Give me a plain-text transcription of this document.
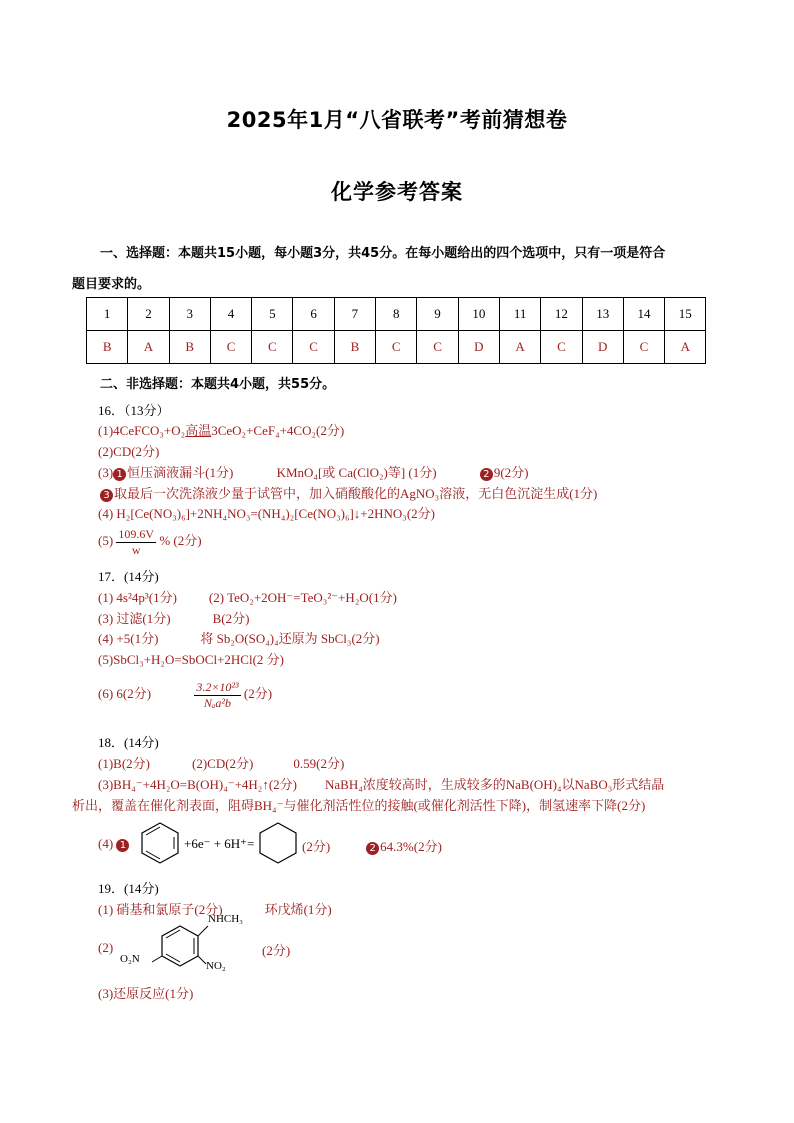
2025年1月“八省联考”考前猜想卷
化学参考答案
一、选择题：本题共15小题，每小题3分，共45分。在每小题给出的四个选项中，只有一项是符合
题目要求的。
1	2	3	4	5	6	7	8	9	10	11	12	13	14	15
B	A	B	C	C	C	B	C	C	D	A	C	D	C	A
二、非选择题：本题共4小题，共55分。
16．（13分）
(1)4CeFCO₃+O₂高温3CeO₂+CeF₄+4CO₂(2分)
(2)CD(2分)
(3) 1 恒压滴液漏斗(1分)	KMnO₄[或 Ca(ClO₂)等] (1分)	2 9(2分)
3 取最后一次洗涤液少量于试管中，加入硝酸酸化的AgNO₃溶液，无白色沉淀生成(1分)
(4) H₂[Ce(NO₃)₆]+2NH₄NO₃=(NH₄)₂[Ce(NO₃)₆]↓+2HNO₃(2分)
$(5) \frac{109.6V}{w}$ % (2分)
17．(14分)
(1) 4s²4p³(1分) (2) TeO₂+2OH⁻=TeO₃²⁻+H₂O(1分)
(3) 过滤(1分)	B(2分)
(4) +5(1分)	将 Sb₂O(SO₄)₄还原为 SbCl₃(2分)
(5)SbCl₃+H₂O=SbOCl+2HCl(2 分)
(6) 6(2分)	$\frac{\text{3.2×10²³}}{\text{Nₐa²b}} (2$分)
18．(14分)
(1)B(2分)	(2)CD(2分)	0.59(2分)
(3)BH₄⁻+4H₂O=B(OH)₄⁻+4H₂↑(2分) NaBH₄浓度较高时，生成较多的NaB(OH)₄以NaBO₃形式结晶
析出，覆盖在催化剂表面，阻碍BH₄⁻与催化剂活性位的接触(或催化剂活性下降)，制氢速率下降(2分)
(4) 1	+6e⁻ + 6H⁺=	(2分)	2 64.3%(2分)
19．(14分)
(1) 硝基和氯原子(2分)	环戊烯(1分)
(2)
NHCH₃
O₂N
NO₂
(2分)
(3)还原反应(1分)
